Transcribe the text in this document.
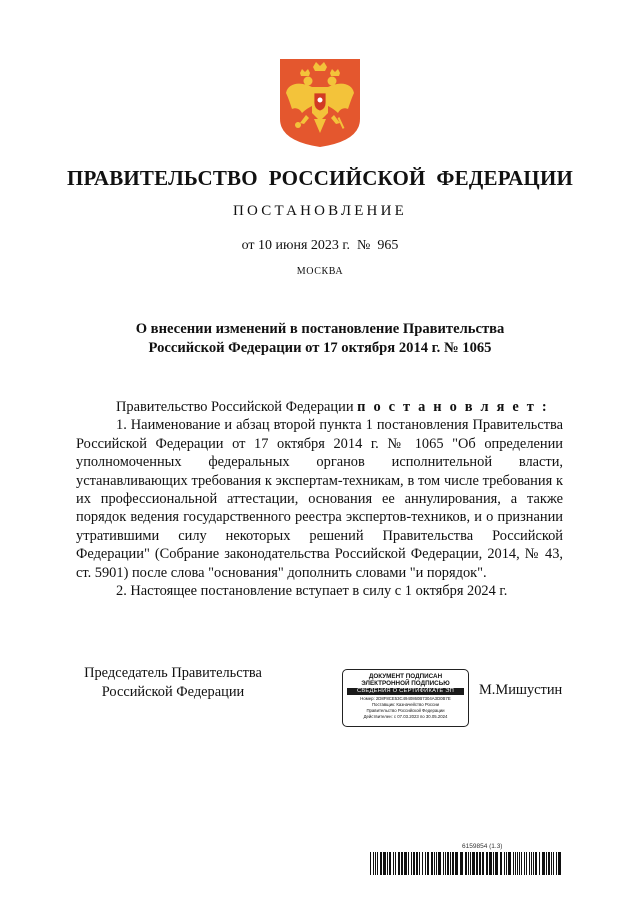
ПРАВИТЕЛЬСТВО  РОССИЙСКОЙ  ФЕДЕРАЦИИ
ПОСТАНОВЛЕНИЕ
от 10 июня 2023 г.  №  965
МОСКВА
О внесении изменений в постановление Правительства
Российской Федерации от 17 октября 2014 г. № 1065

Правительство Российской Федерации п о с т а н о в л я е т :

1. Наименование и абзац второй пункта 1 постановления Правительства Российской Федерации от 17 октября 2014 г. № 1065 "Об определении уполномоченных федеральных органов исполнительной власти, устанавливающих требования к экспертам-техникам, в том числе требования к их профессиональной аттестации, основания ее аннулирования, а также порядок ведения государственного реестра экспертов-техников, и о признании утратившими силу некоторых решений Правительства Российской Федерации" (Собрание законодательства Российской Федерации, 2014, № 43, ст. 5901) после слова "основания" дополнить словами "и порядок".

2. Настоящее постановление вступает в силу с 1 октября 2024 г.

Председатель Правительства
Российской Федерации
ДОКУМЕНТ ПОДПИСАН
ЭЛЕКТРОННОЙ ПОДПИСЬЮ
СВЕДЕНИЯ О СЕРТИФИКАТЕ ЭП
Номер: 2D8F8CE53C4940860B7304A3D0B7E
Поставщик: Казначейство России
Правительство Российской Федерации
Действителен: с 07.03.2023 по 30.05.2024
М.Мишустин
6159854 (1.3)
